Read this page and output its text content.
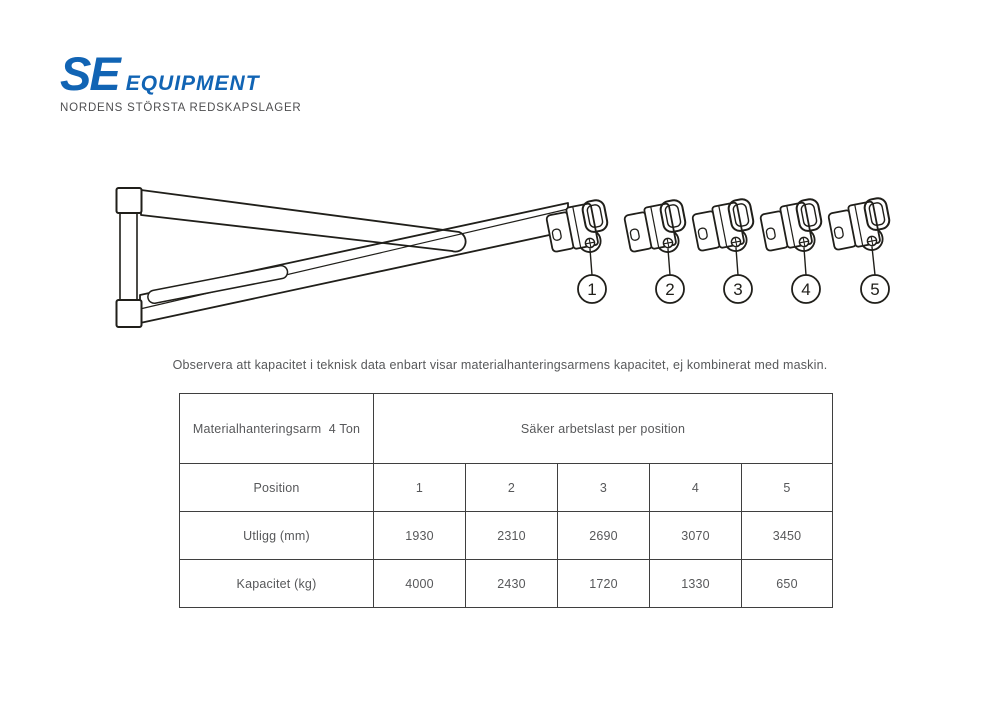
SE EQUIPMENT
NORDENS STÖRSTA REDSKAPSLAGER
1	2	3	4	5
Observera att kapacitet i teknisk data enbart visar materialhanteringsarmens kapacitet, ej kombinerat med maskin.
Materialhanteringsarm  4 Ton	Säker arbetslast per position				
Position	1	2	3	4	5
Utligg (mm)	1930	2310	2690	3070	3450
Kapacitet (kg)	4000	2430	1720	1330	650
